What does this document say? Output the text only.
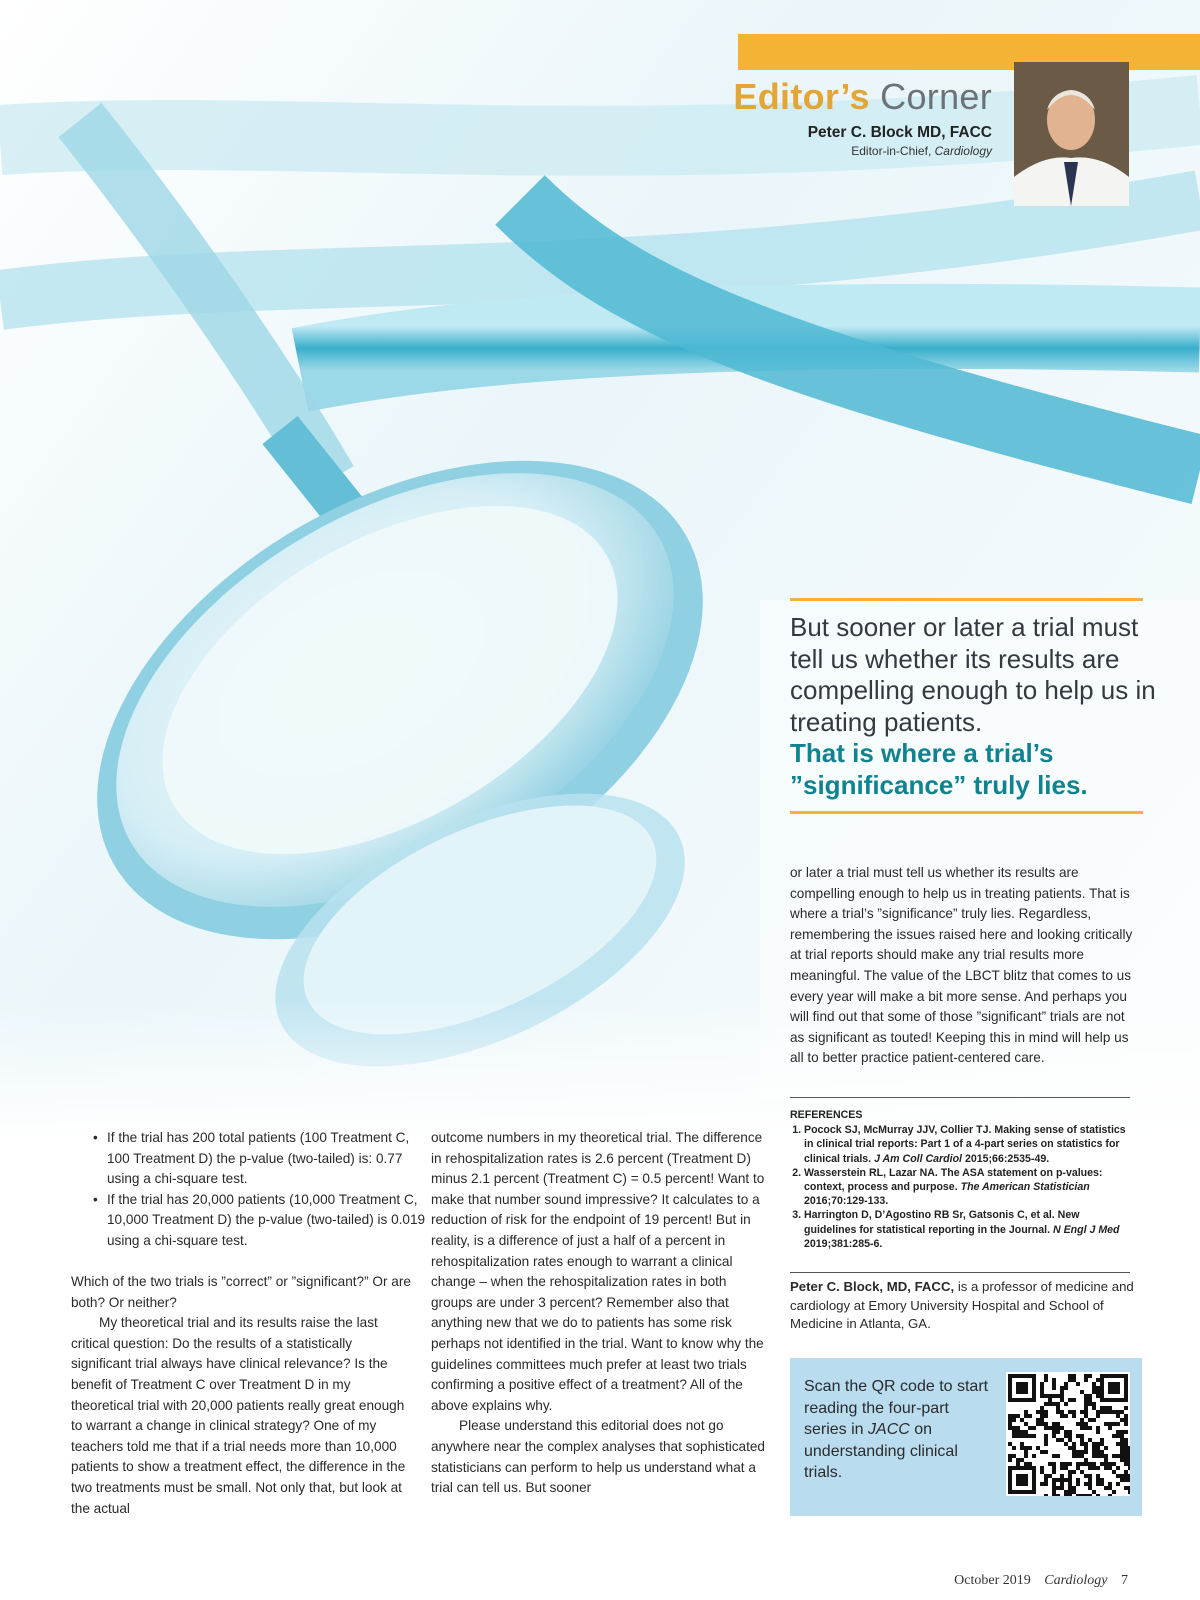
Editor’s Corner
Peter C. Block MD, FACC
Editor-in-Chief, Cardiology
But sooner or later a trial must tell us whether its results are compelling enough to help us in treating patients.
That is where a trial’s ”significance” truly lies.
or later a trial must tell us whether its results are compelling enough to help us in treating patients. That is where a trial’s ”significance” truly lies. Regardless, remembering the issues raised here and looking critically at trial reports should make any trial results more meaningful. The value of the LBCT blitz that comes to us every year will make a bit more sense. And perhaps you will find out that some of those ”significant” trials are not as significant as touted! Keeping this in mind will help us all to better practice patient-centered care.
REFERENCES
1. Pocock SJ, McMurray JJV, Collier TJ. Making sense of statistics in clinical trial reports: Part 1 of a 4-part series on statistics for clinical trials. J Am Coll Cardiol 2015;66:2535-49.
2. Wasserstein RL, Lazar NA. The ASA statement on p-values: context, process and purpose. The American Statistician 2016;70:129-133.
3. Harrington D, D’Agostino RB Sr, Gatsonis C, et al. New guidelines for statistical reporting in the Journal. N Engl J Med 2019;381:285-6.
Peter C. Block, MD, FACC, is a professor of medicine and cardiology at Emory University Hospital and School of Medicine in Atlanta, GA.
Scan the QR code to start reading the four-part series in JACC on understanding clinical trials.
• If the trial has 200 total patients (100 Treatment C, 100 Treatment D) the p-value (two-tailed) is: 0.77 using a chi-square test.
• If the trial has 20,000 patients (10,000 Treatment C, 10,000 Treatment D) the p-value (two-tailed) is 0.019 using a chi-square test.

Which of the two trials is ”correct” or ”significant?” Or are both? Or neither?

My theoretical trial and its results raise the last critical question: Do the results of a statistically significant trial always have clinical relevance? Is the benefit of Treatment C over Treatment D in my theoretical trial with 20,000 patients really great enough to warrant a change in clinical strategy? One of my teachers told me that if a trial needs more than 10,000 patients to show a treatment effect, the difference in the two treatments must be small. Not only that, but look at the actual

outcome numbers in my theoretical trial. The difference in rehospitalization rates is 2.6 percent (Treatment D) minus 2.1 percent (Treatment C) = 0.5 percent! Want to make that number sound impressive? It calculates to a reduction of risk for the endpoint of 19 percent! But in reality, is a difference of just a half of a percent in rehospitalization rates enough to warrant a clinical change – when the rehospitalization rates in both groups are under 3 percent? Remember also that anything new that we do to patients has some risk perhaps not identified in the trial. Want to know why the guidelines committees much prefer at least two trials confirming a positive effect of a treatment? All of the above explains why.

Please understand this editorial does not go anywhere near the complex analyses that sophisticated statisticians can perform to help us understand what a trial can tell us. But sooner

October 2019 Cardiology 7
